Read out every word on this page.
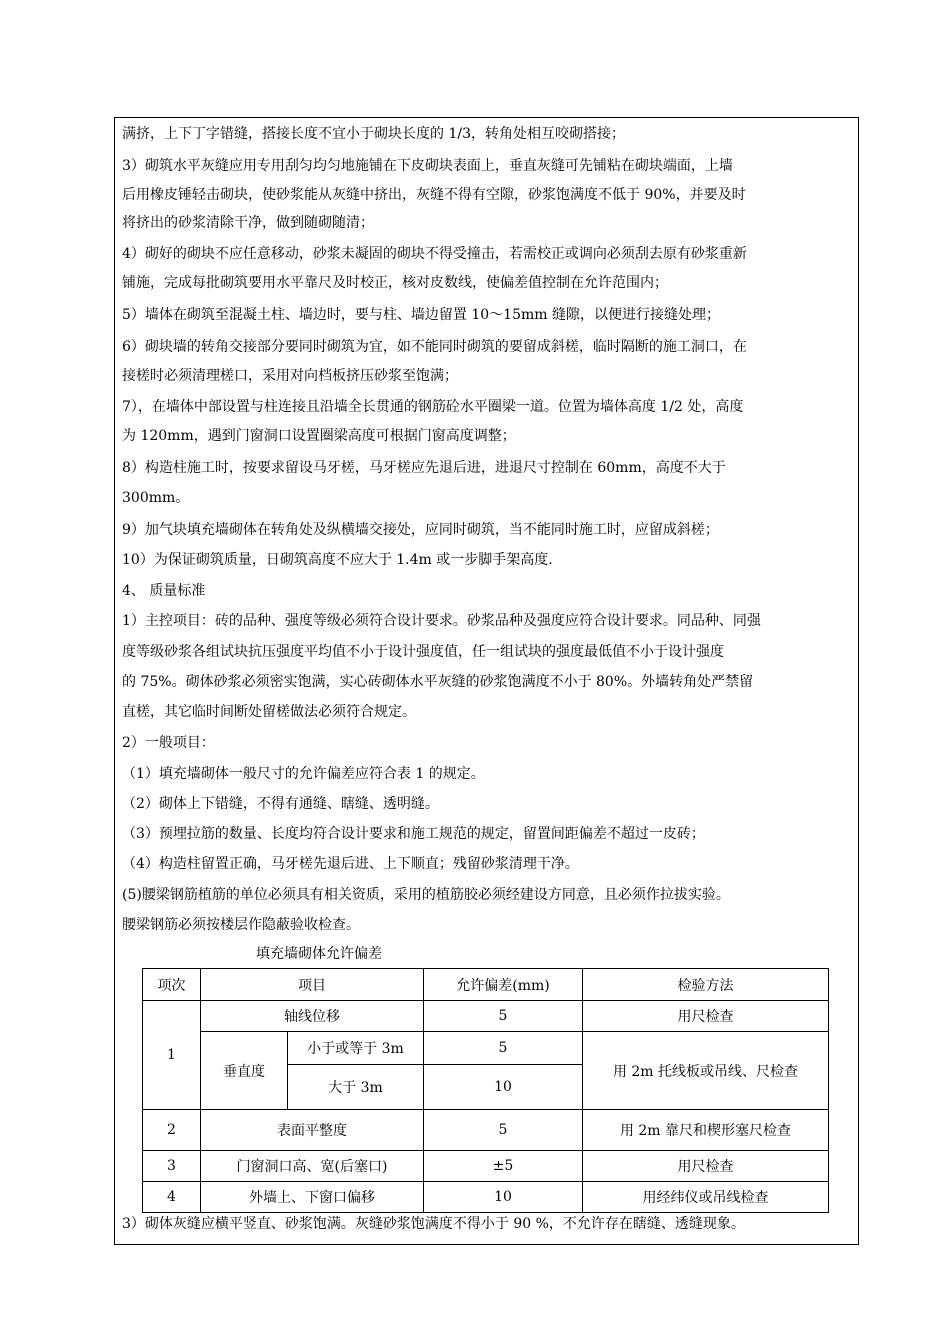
满挤，上下丁字错缝，搭接长度不宜小于砌块长度的 1/3，转角处相互咬砌搭接；
3）砌筑水平灰缝应用专用刮匀均匀地施铺在下皮砌块表面上，垂直灰缝可先铺粘在砌块端面，上墙
后用橡皮锤轻击砌块，使砂浆能从灰缝中挤出，灰缝不得有空隙，砂浆饱满度不低于 90%，并要及时
将挤出的砂浆清除干净，做到随砌随清；
4）砌好的砌块不应任意移动，砂浆未凝固的砌块不得受撞击，若需校正或调向必须刮去原有砂浆重新
铺施，完成每批砌筑要用水平靠尺及时校正，核对皮数线，使偏差值控制在允许范围内；
5）墙体在砌筑至混凝土柱、墙边时，要与柱、墙边留置 10～15mm 缝隙，以便进行接缝处理；
6）砌块墙的转角交接部分要同时砌筑为宜，如不能同时砌筑的要留成斜槎，临时隔断的施工洞口，在
接槎时必须清理槎口，采用对向档板挤压砂浆至饱满；
7），在墙体中部设置与柱连接且沿墙全长贯通的钢筋砼水平圈梁一道。位置为墙体高度 1/2 处，高度
为 120mm，遇到门窗洞口设置圈梁高度可根据门窗高度调整；
8）构造柱施工时，按要求留设马牙槎，马牙槎应先退后进，进退尺寸控制在 60mm，高度不大于
300mm。
9）加气块填充墙砌体在转角处及纵横墙交接处，应同时砌筑，当不能同时施工时，应留成斜槎；
10）为保证砌筑质量，日砌筑高度不应大于 1.4m 或一步脚手架高度.
4、 质量标准
1）主控项目：砖的品种、强度等级必须符合设计要求。砂浆品种及强度应符合设计要求。同品种、同强
度等级砂浆各组试块抗压强度平均值不小于设计强度值，任一组试块的强度最低值不小于设计强度
的 75%。砌体砂浆必须密实饱满，实心砖砌体水平灰缝的砂浆饱满度不小于 80%。外墙转角处严禁留
直槎，其它临时间断处留槎做法必须符合规定。
2）一般项目：
（1）填充墙砌体一般尺寸的允许偏差应符合表 1 的规定。
（2）砌体上下错缝，不得有通缝、瞎缝、透明缝。
（3）预埋拉筋的数量、长度均符合设计要求和施工规范的规定，留置间距偏差不超过一皮砖；
（4）构造柱留置正确，马牙槎先退后进、上下顺直；残留砂浆清理干净。
(5)腰梁钢筋植筋的单位必须具有相关资质，采用的植筋胶必须经建设方同意，且必须作拉拔实验。
腰梁钢筋必须按楼层作隐蔽验收检查。
3）砌体灰缝应横平竖直、砂浆饱满。灰缝砂浆饱满度不得小于 90 %，不允许存在瞎缝、透缝现象。
填充墙砌体允许偏差
项次	项目		允许偏差(mm)	检验方法
1	轴线位移		5	用尺检查
	垂直度	小于或等于 3m	5	用 2m 托线板或吊线、尺检查
		大于 3m	10	
2	表面平整度		5	用 2m 靠尺和楔形塞尺检查
3	门窗洞口高、宽(后塞口)		±5	用尺检查
4	外墙上、下窗口偏移		10	用经纬仪或吊线检查
